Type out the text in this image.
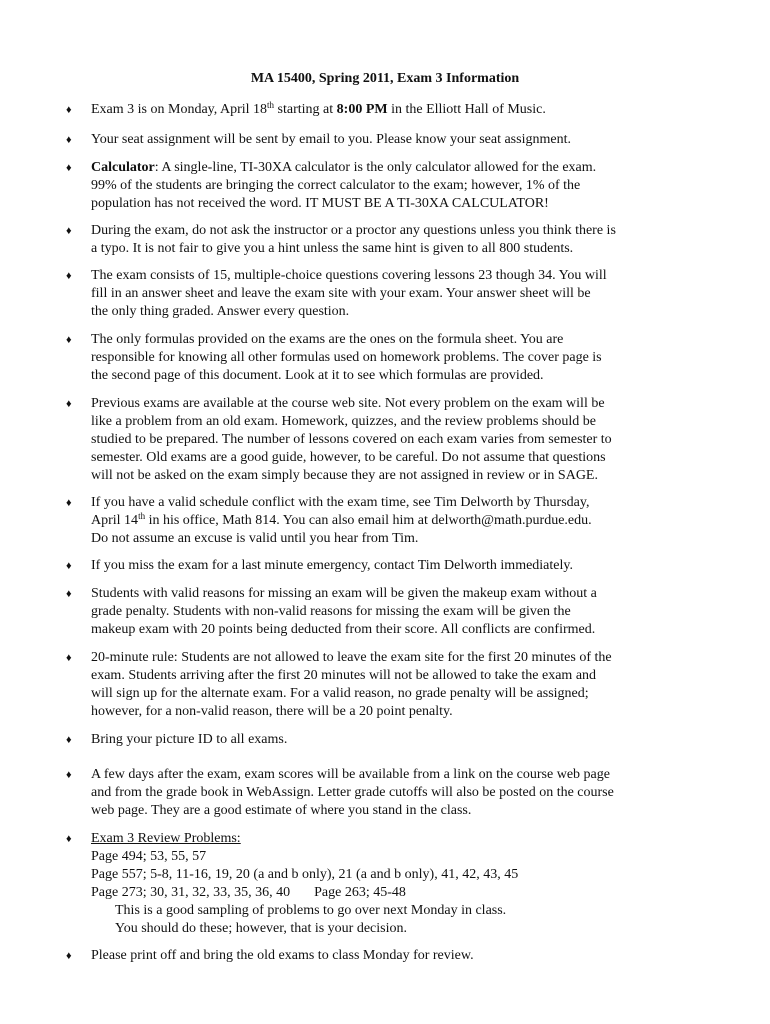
MA 15400, Spring 2011, Exam 3 Information
♦ Exam 3 is on Monday, April 18th starting at 8:00 PM in the Elliott Hall of Music.

♦ Your seat assignment will be sent by email to you. Please know your seat assignment.

♦ Calculator: A single-line, TI-30XA calculator is the only calculator allowed for the exam.

99% of the students are bringing the correct calculator to the exam; however, 1% of the

population has not received the word. IT MUST BE A TI-30XA CALCULATOR!

♦ During the exam, do not ask the instructor or a proctor any questions unless you think there is

a typo. It is not fair to give you a hint unless the same hint is given to all 800 students.

♦ The exam consists of 15, multiple-choice questions covering lessons 23 though 34. You will

fill in an answer sheet and leave the exam site with your exam. Your answer sheet will be

the only thing graded. Answer every question.

♦ The only formulas provided on the exams are the ones on the formula sheet. You are

responsible for knowing all other formulas used on homework problems. The cover page is

the second page of this document. Look at it to see which formulas are provided.

♦ Previous exams are available at the course web site. Not every problem on the exam will be

like a problem from an old exam. Homework, quizzes, and the review problems should be

studied to be prepared. The number of lessons covered on each exam varies from semester to

semester. Old exams are a good guide, however, to be careful. Do not assume that questions

will not be asked on the exam simply because they are not assigned in review or in SAGE.

♦ If you have a valid schedule conflict with the exam time, see Tim Delworth by Thursday,

April 14th in his office, Math 814. You can also email him at delworth@math.purdue.edu.

Do not assume an excuse is valid until you hear from Tim.

♦ If you miss the exam for a last minute emergency, contact Tim Delworth immediately.

♦ Students with valid reasons for missing an exam will be given the makeup exam without a

grade penalty. Students with non-valid reasons for missing the exam will be given the

makeup exam with 20 points being deducted from their score. All conflicts are confirmed.

♦ 20-minute rule: Students are not allowed to leave the exam site for the first 20 minutes of the

exam. Students arriving after the first 20 minutes will not be allowed to take the exam and

will sign up for the alternate exam. For a valid reason, no grade penalty will be assigned;

however, for a non-valid reason, there will be a 20 point penalty.

♦ Bring your picture ID to all exams.

♦ A few days after the exam, exam scores will be available from a link on the course web page

and from the grade book in WebAssign. Letter grade cutoffs will also be posted on the course

web page. They are a good estimate of where you stand in the class.

♦ Exam 3 Review Problems:

Page 494; 53, 55, 57

Page 557; 5-8, 11-16, 19, 20 (a and b only), 21 (a and b only), 41, 42, 43, 45

Page 273; 30, 31, 32, 33, 35, 36, 40 Page 263; 45-48

This is a good sampling of problems to go over next Monday in class.

You should do these; however, that is your decision.

♦ Please print off and bring the old exams to class Monday for review.
